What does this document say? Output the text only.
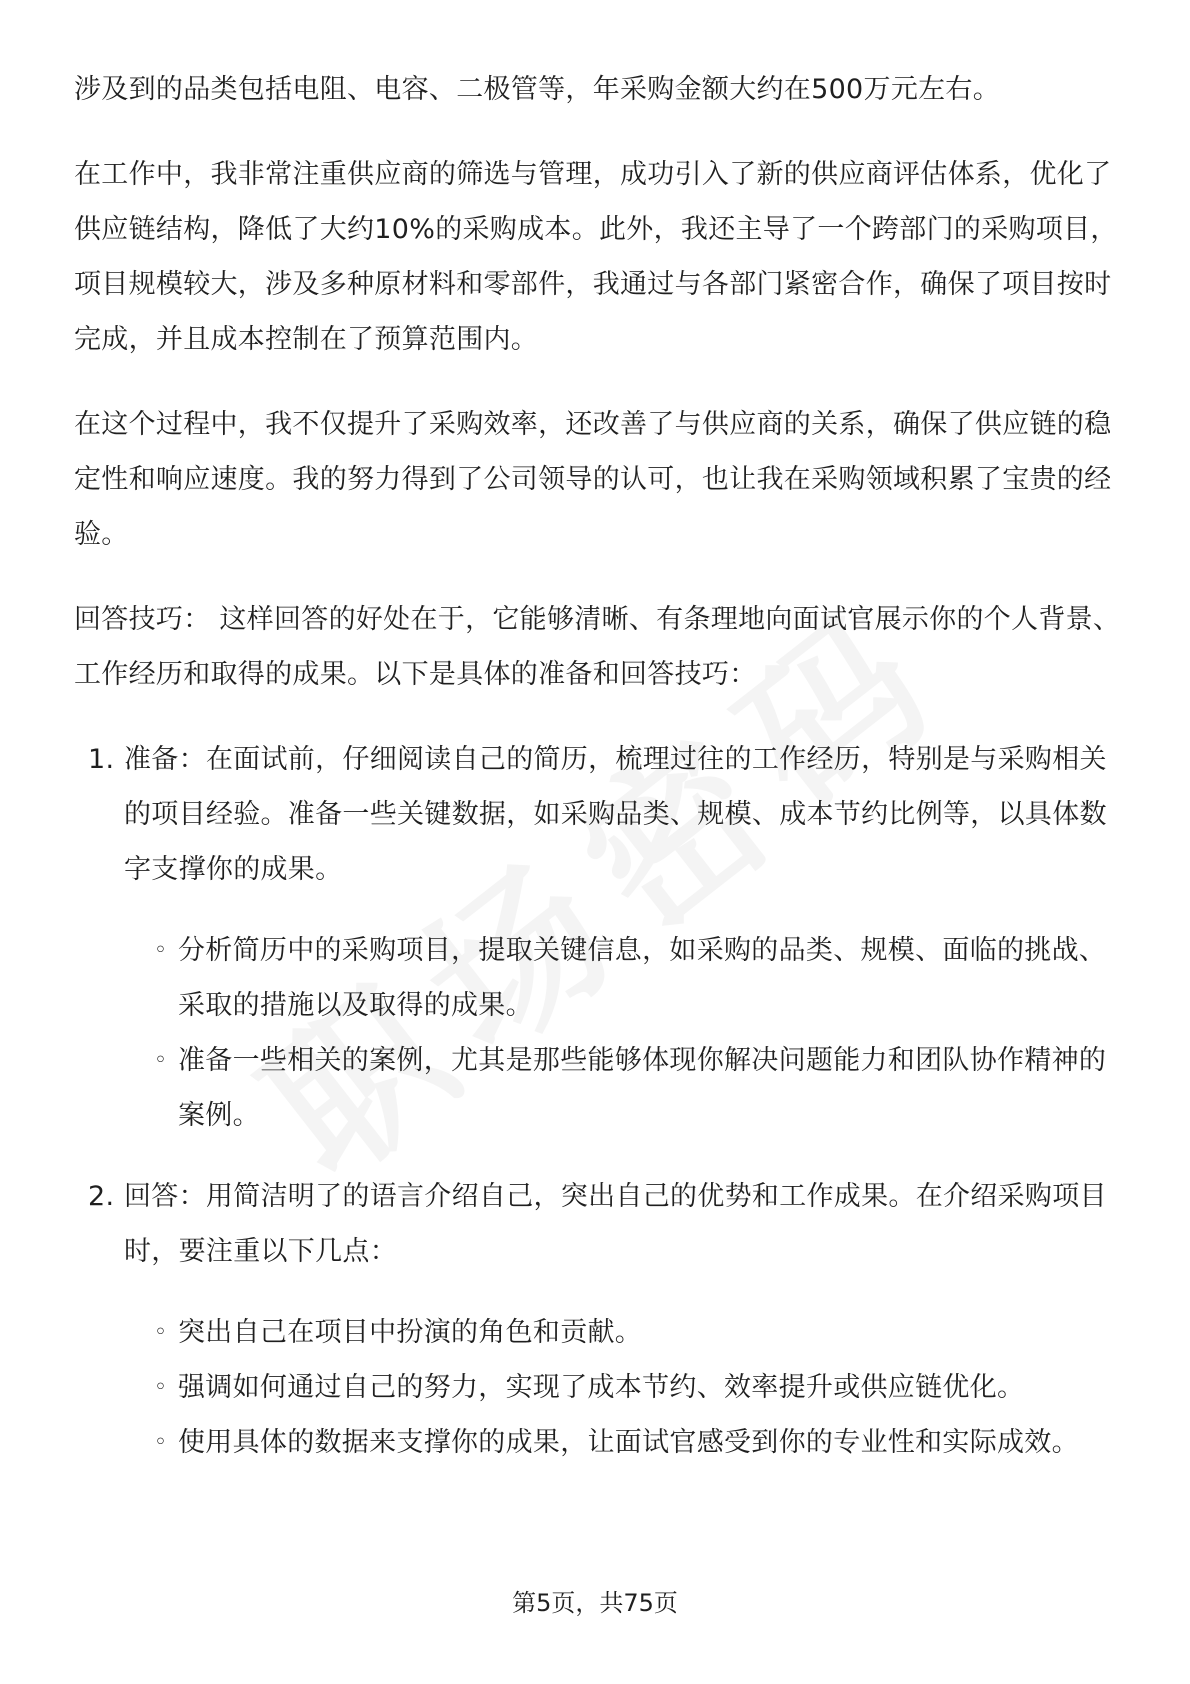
涉及到的品类包括电阻、电容、二极管等，年采购金额大约在500万元左右。

在工作中，我非常注重供应商的筛选与管理，成功引入了新的供应商评估体系，优化了供应链结构，降低了大约10%的采购成本。此外，我还主导了一个跨部门的采购项目，项目规模较大，涉及多种原材料和零部件，我通过与各部门紧密合作，确保了项目按时完成，并且成本控制在了预算范围内。

在这个过程中，我不仅提升了采购效率，还改善了与供应商的关系，确保了供应链的稳定性和响应速度。我的努力得到了公司领导的认可，也让我在采购领域积累了宝贵的经验。

回答技巧： 这样回答的好处在于，它能够清晰、有条理地向面试官展示你的个人背景、工作经历和取得的成果。以下是具体的准备和回答技巧：

1. 准备：在面试前，仔细阅读自己的简历，梳理过往的工作经历，特别是与采购相关的项目经验。准备一些关键数据，如采购品类、规模、成本节约比例等，以具体数字支撑你的成果。
◦ 分析简历中的采购项目，提取关键信息，如采购的品类、规模、面临的挑战、采取的措施以及取得的成果。
◦ 准备一些相关的案例，尤其是那些能够体现你解决问题能力和团队协作精神的案例。
2. 回答：用简洁明了的语言介绍自己，突出自己的优势和工作成果。在介绍采购项目时，要注重以下几点：
◦ 突出自己在项目中扮演的角色和贡献。
◦ 强调如何通过自己的努力，实现了成本节约、效率提升或供应链优化。
◦ 使用具体的数据来支撑你的成果，让面试官感受到你的专业性和实际成效。
第5页，共75页
